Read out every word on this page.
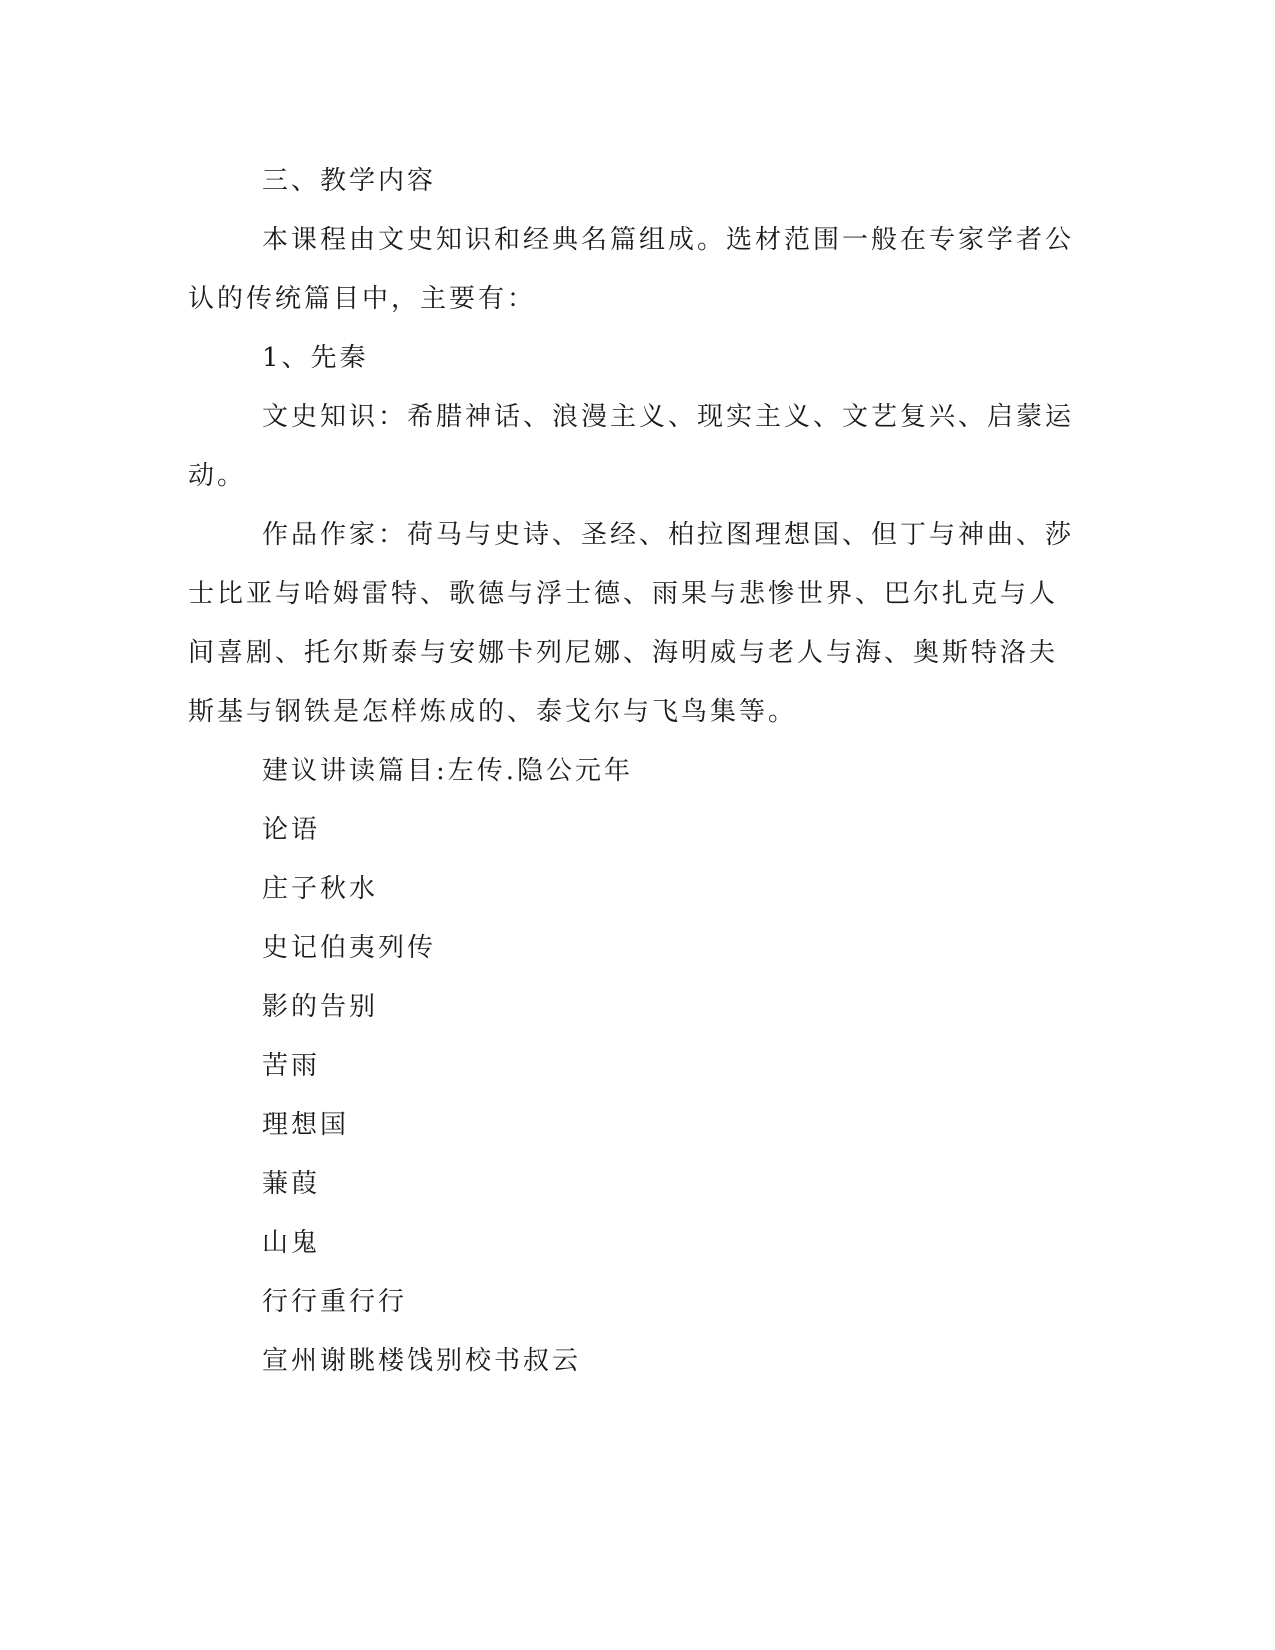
三、教学内容
本课程由文史知识和经典名篇组成。选材范围一般在专家学者公
认的传统篇目中，主要有：
1、先秦
文史知识：希腊神话、浪漫主义、现实主义、文艺复兴、启蒙运
动。
作品作家：荷马与史诗、圣经、柏拉图理想国、但丁与神曲、莎
士比亚与哈姆雷特、歌德与浮士德、雨果与悲惨世界、巴尔扎克与人
间喜剧、托尔斯泰与安娜卡列尼娜、海明威与老人与海、奥斯特洛夫
斯基与钢铁是怎样炼成的、泰戈尔与飞鸟集等。
建议讲读篇目:左传.隐公元年
论语
庄子秋水
史记伯夷列传
影的告别
苦雨
理想国
蒹葭
山鬼
行行重行行
宣州谢眺楼饯别校书叔云
